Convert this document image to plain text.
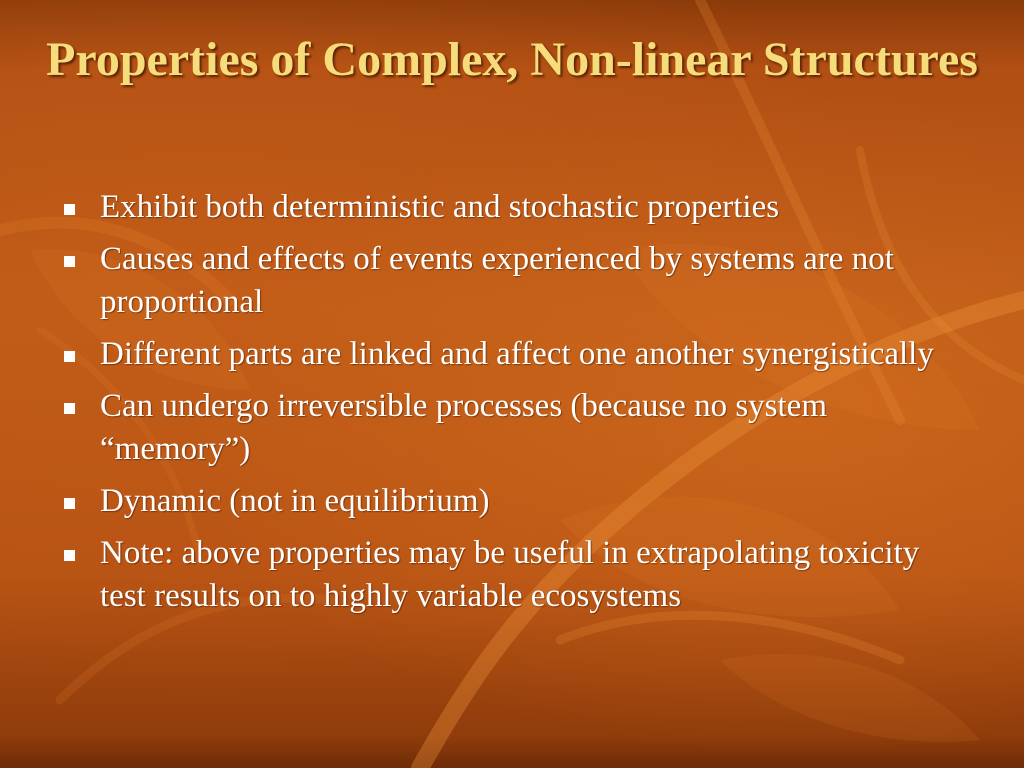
Properties of Complex, Non-linear Structures
Exhibit both deterministic and stochastic properties
Causes and effects of events experienced by systems are not proportional
Different parts are linked and affect one another synergistically
Can undergo irreversible processes (because no system “memory”)
Dynamic (not in equilibrium)
Note: above properties may be useful in extrapolating toxicity test results on to highly variable ecosystems
